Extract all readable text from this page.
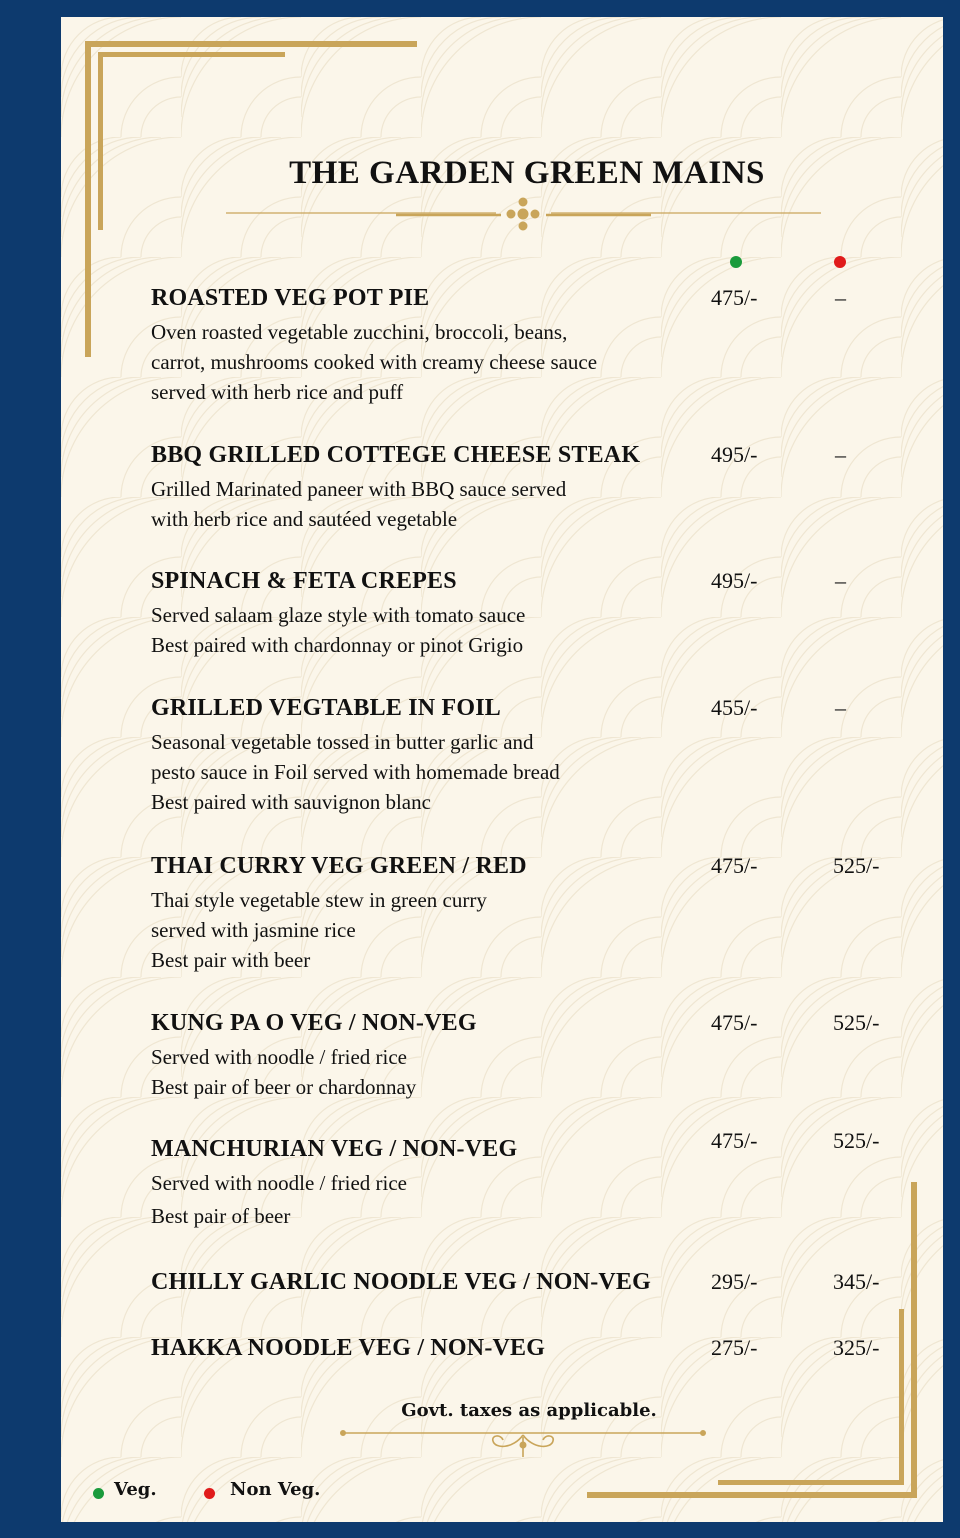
THE GARDEN GREEN MAINS
ROASTED VEG POT PIE
Oven roasted vegetable zucchini, broccoli, beans,
carrot, mushrooms cooked with creamy cheese sauce
served with herb rice and puff
475/-	–
BBQ GRILLED COTTEGE CHEESE STEAK
Grilled Marinated paneer with BBQ sauce served
with herb rice and sautéed vegetable
495/-	–
SPINACH & FETA CREPES
Served salaam glaze style with tomato sauce
Best paired with chardonnay or pinot Grigio
495/-	–
GRILLED VEGTABLE IN FOIL
Seasonal vegetable tossed in butter garlic and
pesto sauce in Foil served with homemade bread
Best paired with sauvignon blanc
455/-	–
THAI CURRY VEG GREEN / RED
Thai style vegetable stew in green curry
served with jasmine rice
Best pair with beer
475/-	525/-
KUNG PA O VEG / NON-VEG
Served with noodle / fried rice
Best pair of beer or chardonnay
475/-	525/-
MANCHURIAN VEG / NON-VEG
Served with noodle / fried rice
Best pair of beer
475/-	525/-
CHILLY GARLIC NOODLE VEG / NON-VEG	295/-	345/-
HAKKA NOODLE VEG / NON-VEG	275/-	325/-
Govt. taxes as applicable.
Veg.	Non Veg.
